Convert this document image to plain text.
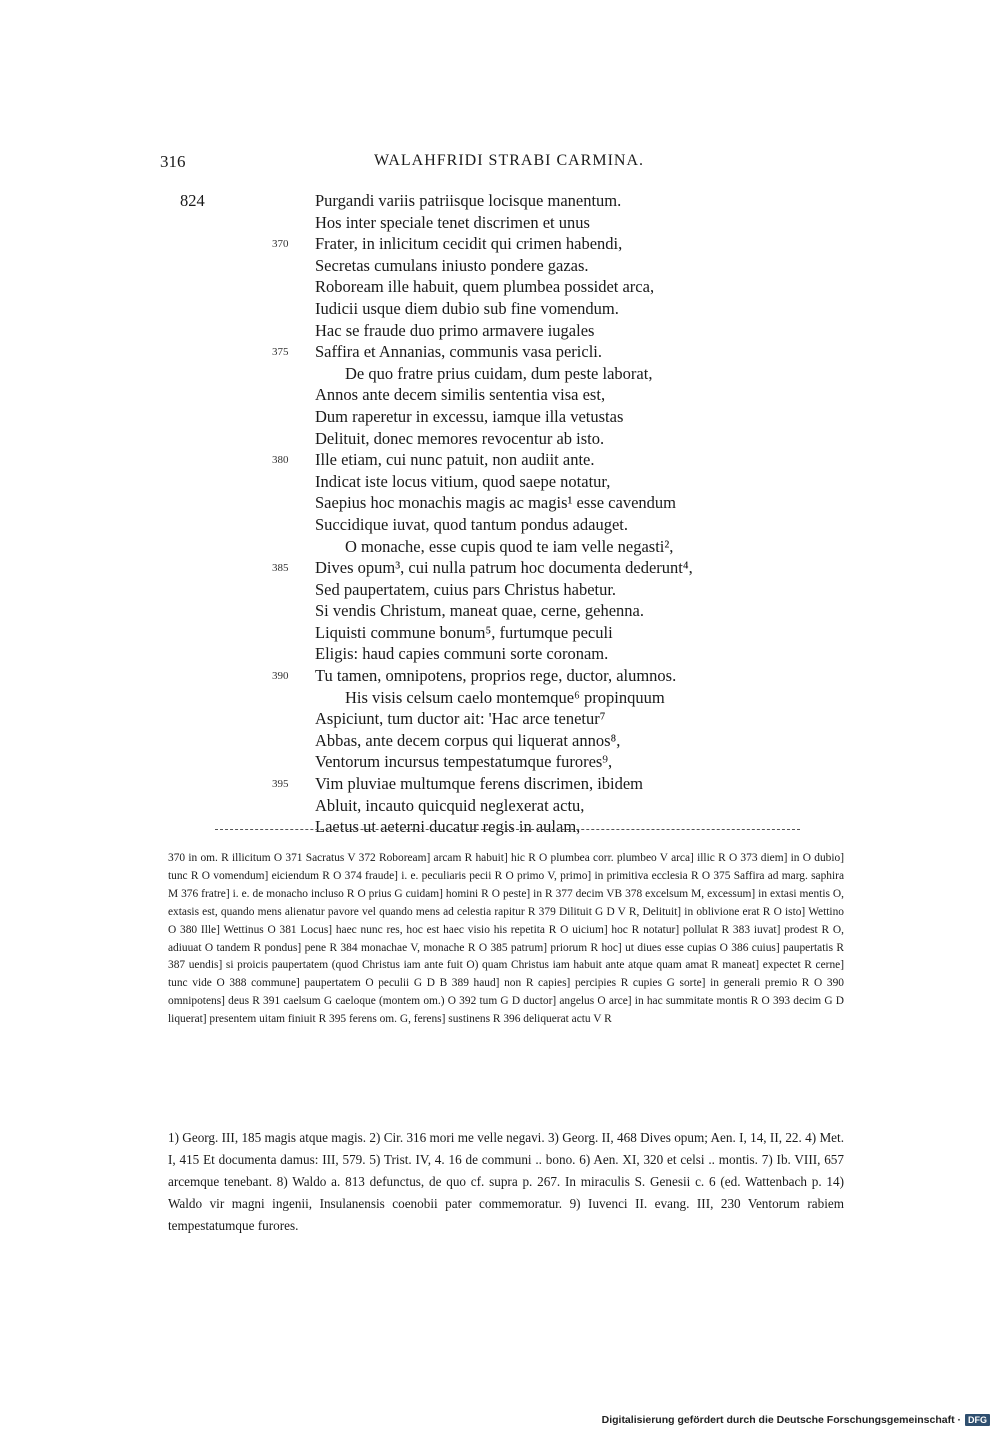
316	WALAHFRIDI STRABI CARMINA.
824	Purgandi variis patriisque locisque manentum.
Hos inter speciale tenet discrimen et unus
370 Frater, in inlicitum cecidit qui crimen habendi,
Secretas cumulans iniusto pondere gazas.
Roboream ille habuit, quem plumbea possidet arca,
Iudicii usque diem dubio sub fine vomendum.
Hac se fraude duo primo armavere iugales
375 Saffira et Annanias, communis vasa pericli.
De quo fratre prius cuidam, dum peste laborat,
Annos ante decem similis sententia visa est,
Dum raperetur in excessu, iamque illa vetustas
Delituit, donec memores revocentur ab isto.
380 Ille etiam, cui nunc patuit, non audiit ante.
Indicat iste locus vitium, quod saepe notatur,
Saepius hoc monachis magis ac magis¹ esse cavendum
Succidique iuvat, quod tantum pondus adauget.
O monache, esse cupis quod te iam velle negasti²,
385 Dives opum³, cui nulla patrum hoc documenta dederunt⁴,
Sed paupertatem, cuius pars Christus habetur.
Si vendis Christum, maneat quae, cerne, gehenna.
Liquisti commune bonum⁵, furtumque peculi
Eligis: haud capies communi sorte coronam.
390 Tu tamen, omnipotens, proprios rege, ductor, alumnos.
His visis celsum caelo montemque⁶ propinquum
Aspiciunt, tum ductor ait: 'Hac arce tenetur⁷
Abbas, ante decem corpus qui liquerat annos⁸,
Ventorum incursus tempestatumque furores⁹,
395 Vim pluviae multumque ferens discrimen, ibidem
Abluit, incauto quicquid neglexerat actu,
Laetus ut aeterni ducatur regis in aulam,

370 in om. R illicitum O 371 Sacratus V 372 Roboream] arcam R habuit] hic R O plumbea corr. plumbeo V arca] illic R O 373 diem] in O dubio] tunc R O vomendum] eiciendum R O 374 fraude] i. e. peculiaris pecii R O primo V, primo] in primitiva ecclesia R O 375 Saffira ad marg. saphira M 376 fratre] i. e. de monacho incluso R O prius G cuidam] homini R O peste] in R 377 decim VB 378 excelsum M, excessum] in extasi mentis O, extasis est, quando mens alienatur pavore vel quando mens ad celestia rapitur R 379 Dilituit G D V R, Delituit] in oblivione erat R O isto] Wettino O 380 Ille] Wettinus O 381 Locus] haec nunc res, hoc est haec visio his repetita R O uicium] hoc R notatur] pollulat R 383 iuvat] prodest R O, adiuuat O tandem R pondus] pene R 384 monachae V, monache R O 385 patrum] priorum R hoc] ut diues esse cupias O 386 cuius] paupertatis R 387 uendis] si proicis paupertatem (quod Christus iam ante fuit O) quam Christus iam habuit ante atque quam amat R maneat] expectet R cerne] tunc vide O 388 commune] paupertatem O peculii G D B 389 haud] non R capies] percipies R cupies G sorte] in generali premio R O 390 omnipotens] deus R 391 caelsum G caeloque (montem om.) O 392 tum G D ductor] angelus O arce] in hac summitate montis R O 393 decim G D liquerat] presentem uitam finiuit R 395 ferens om. G, ferens] sustinens R 396 deliquerat actu V R

1) Georg. III, 185 magis atque magis. 2) Cir. 316 mori me velle negavi. 3) Georg. II, 468 Dives opum; Aen. I, 14, II, 22. 4) Met. I, 415 Et documenta damus: III, 579. 5) Trist. IV, 4. 16 de communi .. bono. 6) Aen. XI, 320 et celsi .. montis. 7) Ib. VIII, 657 arcemque tenebant. 8) Waldo a. 813 defunctus, de quo cf. supra p. 267. In miraculis S. Genesii c. 6 (ed. Wattenbach p. 14) Waldo vir magni ingenii, Insulanensis coenobii pater commemoratur. 9) Iuvenci II. evang. III, 230 Ventorum rabiem tempestatumque furores.

Digitalisierung gefördert durch die Deutsche Forschungsgemeinschaft · DFG
